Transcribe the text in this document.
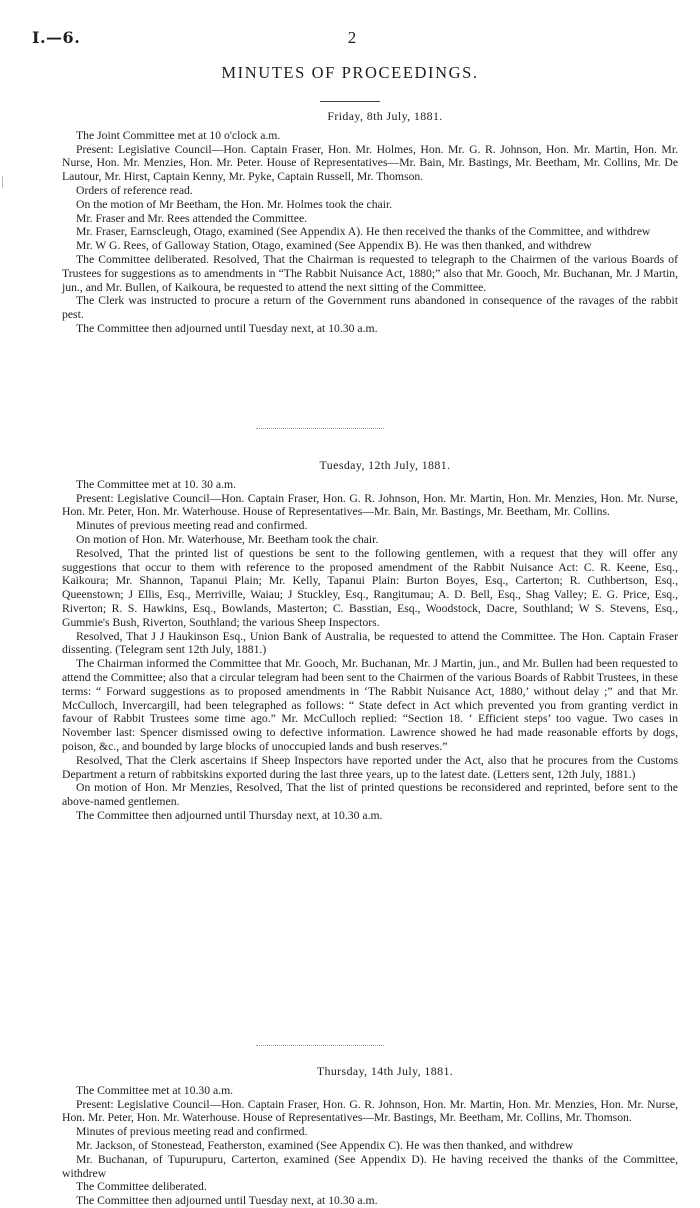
I.—6.	2
MINUTES OF PROCEEDINGS.
Friday, 8th July, 1881.

The Joint Committee met at 10 o'clock a.m.

Present: Legislative Council—Hon. Captain Fraser, Hon. Mr. Holmes, Hon. Mr. G. R. Johnson, Hon. Mr. Martin, Hon. Mr. Nurse, Hon. Mr. Menzies, Hon. Mr. Peter. House of Representatives—Mr. Bain, Mr. Bastings, Mr. Beetham, Mr. Collins, Mr. De Lautour, Mr. Hirst, Captain Kenny, Mr. Pyke, Captain Russell, Mr. Thomson.

Orders of reference read.

On the motion of Mr Beetham, the Hon. Mr. Holmes took the chair.

Mr. Fraser and Mr. Rees attended the Committee.

Mr. Fraser, Earnscleugh, Otago, examined (See Appendix A). He then received the thanks of the Committee, and withdrew

Mr. W G. Rees, of Galloway Station, Otago, examined (See Appendix B). He was then thanked, and withdrew

The Committee deliberated. Resolved, That the Chairman is requested to telegraph to the Chairmen of the various Boards of Trustees for suggestions as to amendments in “The Rabbit Nuisance Act, 1880;” also that Mr. Gooch, Mr. Buchanan, Mr. J Martin, jun., and Mr. Bullen, of Kaikoura, be requested to attend the next sitting of the Committee.

The Clerk was instructed to procure a return of the Government runs abandoned in consequence of the ravages of the rabbit pest.

The Committee then adjourned until Tuesday next, at 10.30 a.m.

Tuesday, 12th July, 1881.

The Committee met at 10. 30 a.m.

Present: Legislative Council—Hon. Captain Fraser, Hon. G. R. Johnson, Hon. Mr. Martin, Hon. Mr. Menzies, Hon. Mr. Nurse, Hon. Mr. Peter, Hon. Mr. Waterhouse. House of Representatives—Mr. Bain, Mr. Bastings, Mr. Beetham, Mr. Collins.

Minutes of previous meeting read and confirmed.

On motion of Hon. Mr. Waterhouse, Mr. Beetham took the chair.

Resolved, That the printed list of questions be sent to the following gentlemen, with a request that they will offer any suggestions that occur to them with reference to the proposed amendment of the Rabbit Nuisance Act: C. R. Keene, Esq., Kaikoura; Mr. Shannon, Tapanui Plain; Mr. Kelly, Tapanui Plain: Burton Boyes, Esq., Carterton; R. Cuthbertson, Esq., Queenstown; J Ellis, Esq., Merriville, Waiau; J Stuckley, Esq., Rangitumau; A. D. Bell, Esq., Shag Valley; E. G. Price, Esq., Riverton; R. S. Hawkins, Esq., Bowlands, Masterton; C. Basstian, Esq., Woodstock, Dacre, Southland; W S. Stevens, Esq., Gummie's Bush, Riverton, Southland; the various Sheep Inspectors.

Resolved, That J J Haukinson Esq., Union Bank of Australia, be requested to attend the Committee. The Hon. Captain Fraser dissenting. (Telegram sent 12th July, 1881.)

The Chairman informed the Committee that Mr. Gooch, Mr. Buchanan, Mr. J Martin, jun., and Mr. Bullen had been requested to attend the Committee; also that a circular telegram had been sent to the Chairmen of the various Boards of Rabbit Trustees, in these terms: “ Forward suggestions as to proposed amendments in ‘The Rabbit Nuisance Act, 1880,’ without delay ;” and that Mr. McCulloch, Invercargill, had been telegraphed as follows: “ State defect in Act which prevented you from granting verdict in favour of Rabbit Trustees some time ago.” Mr. McCulloch replied: “Section 18. ‘ Efficient steps’ too vague. Two cases in November last: Spencer dismissed owing to defective information. Lawrence showed he had made reasonable efforts by dogs, poison, &c., and bounded by large blocks of unoccupied lands and bush reserves.”

Resolved, That the Clerk ascertains if Sheep Inspectors have reported under the Act, also that he procures from the Customs Department a return of rabbitskins exported during the last three years, up to the latest date. (Letters sent, 12th July, 1881.)

On motion of Hon. Mr Menzies, Resolved, That the list of printed questions be reconsidered and reprinted, before sent to the above-named gentlemen.

The Committee then adjourned until Thursday next, at 10.30 a.m.

Thursday, 14th July, 1881.

The Committee met at 10.30 a.m.

Present: Legislative Council—Hon. Captain Fraser, Hon. G. R. Johnson, Hon. Mr. Martin, Hon. Mr. Menzies, Hon. Mr. Nurse, Hon. Mr. Peter, Hon. Mr. Waterhouse. House of Representatives—Mr. Bastings, Mr. Beetham, Mr. Collins, Mr. Thomson.

Minutes of previous meeting read and confirmed.

Mr. Jackson, of Stonestead, Featherston, examined (See Appendix C). He was then thanked, and withdrew

Mr. Buchanan, of Tupurupuru, Carterton, examined (See Appendix D). He having received the thanks of the Committee, withdrew

The Committee deliberated.

The Committee then adjourned until Tuesday next, at 10.30 a.m.
